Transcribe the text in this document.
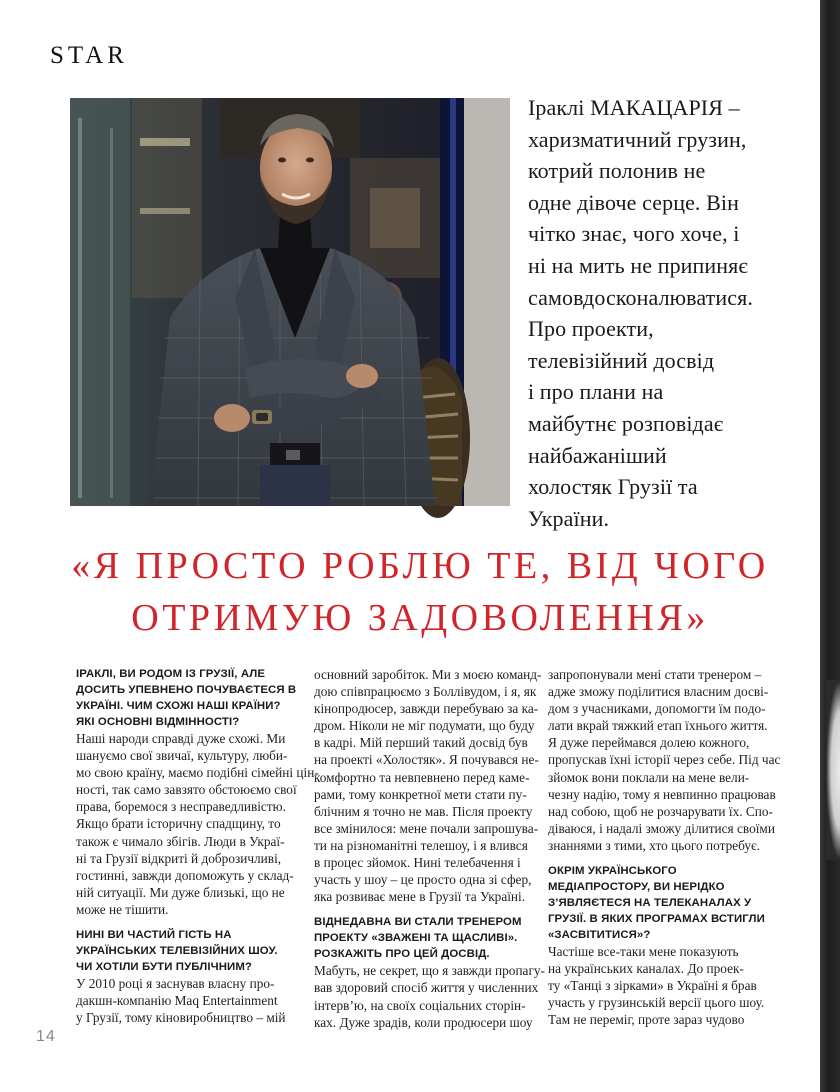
STAR
Іраклі МАКАЦАРІЯ –
харизматичний грузин,
котрий полонив не
одне дівоче серце. Він
чітко знає, чого хоче, і
ні на мить не припиняє
самовдосконалюватися.
Про проекти,
телевізійний досвід
і про плани на
майбутнє розповідає
найбажаніший
холостяк Грузії та
України.
«Я ПРОСТО РОБЛЮ ТЕ, ВІД ЧОГО
ОТРИМУЮ ЗАДОВОЛЕННЯ»
ІРАКЛІ, ВИ РОДОМ ІЗ ГРУЗІЇ, АЛЕ
ДОСИТЬ УПЕВНЕНО ПОЧУВАЄТЕСЯ В
УКРАЇНІ. ЧИМ СХОЖІ НАШІ КРАЇНИ?
ЯКІ ОСНОВНІ ВІДМІННОСТІ?
Наші народи справді дуже схожі. Ми
шануємо свої звичаї, культуру, люби-
мо свою країну, маємо подібні сімейні цін-
ності, так само завзято обстоюємо свої
права, боремося з несправедливістю.
Якщо брати історичну спадщину, то
також є чимало збігів. Люди в Украї-
ні та Грузії відкриті й доброзичливі,
гостинні, завжди допоможуть у склад-
ній ситуації. Ми дуже близькі, що не
може не тішити.
НИНІ ВИ ЧАСТИЙ ГІСТЬ НА
УКРАЇНСЬКИХ ТЕЛЕВІЗІЙНИХ ШОУ.
ЧИ ХОТІЛИ БУТИ ПУБЛІЧНИМ?
У 2010 році я заснував власну про-
дакшн-компанію Maq Entertainment
у Грузії, тому кіновиробництво – мій
основний заробіток. Ми з моєю команд-
дою співпрацюємо з Боллівудом, і я, як
кінопродюсер, завжди перебуваю за ка-
дром. Ніколи не міг подумати, що буду
в кадрі. Мій перший такий досвід був
на проекті «Холостяк». Я почувався не-
комфортно та невпевнено перед каме-
рами, тому конкретної мети стати пу-
блічним я точно не мав. Після проекту
все змінилося: мене почали запрошува-
ти на різноманітні телешоу, і я влився
в процес зйомок. Нині телебачення і
участь у шоу – це просто одна зі сфер,
яка розвиває мене в Грузії та Україні.
ВІДНЕДАВНА ВИ СТАЛИ ТРЕНЕРОМ
ПРОЕКТУ «ЗВАЖЕНІ ТА ЩАСЛИВІ».
РОЗКАЖІТЬ ПРО ЦЕЙ ДОСВІД.
Мабуть, не секрет, що я завжди пропагу-
вав здоровий спосіб життя у численних
інтерв’ю, на своїх соціальних сторін-
ках. Дуже зрадів, коли продюсери шоу
запропонували мені стати тренером –
адже зможу поділитися власним досві-
дом з учасниками, допомогти їм подо-
лати вкрай тяжкий етап їхнього життя.
Я дуже переймався долею кожного,
пропускав їхні історії через себе. Під час
зйомок вони поклали на мене вели-
чезну надію, тому я невпинно працював
над собою, щоб не розчарувати їх. Спо-
діваюся, і надалі зможу ділитися своїми
знаннями з тими, хто цього потребує.
ОКРІМ УКРАЇНСЬКОГО
МЕДІАПРОСТОРУ, ВИ НЕРІДКО
З’ЯВЛЯЄТЕСЯ НА ТЕЛЕКАНАЛАХ У
ГРУЗІЇ. В ЯКИХ ПРОГРАМАХ ВСТИГЛИ
«ЗАСВІТИТИСЯ»?
Частіше все-таки мене показують
на українських каналах. До проек-
ту «Танці з зірками» в Україні я брав
участь у грузинській версії цього шоу.
Там не переміг, проте зараз чудово
14
